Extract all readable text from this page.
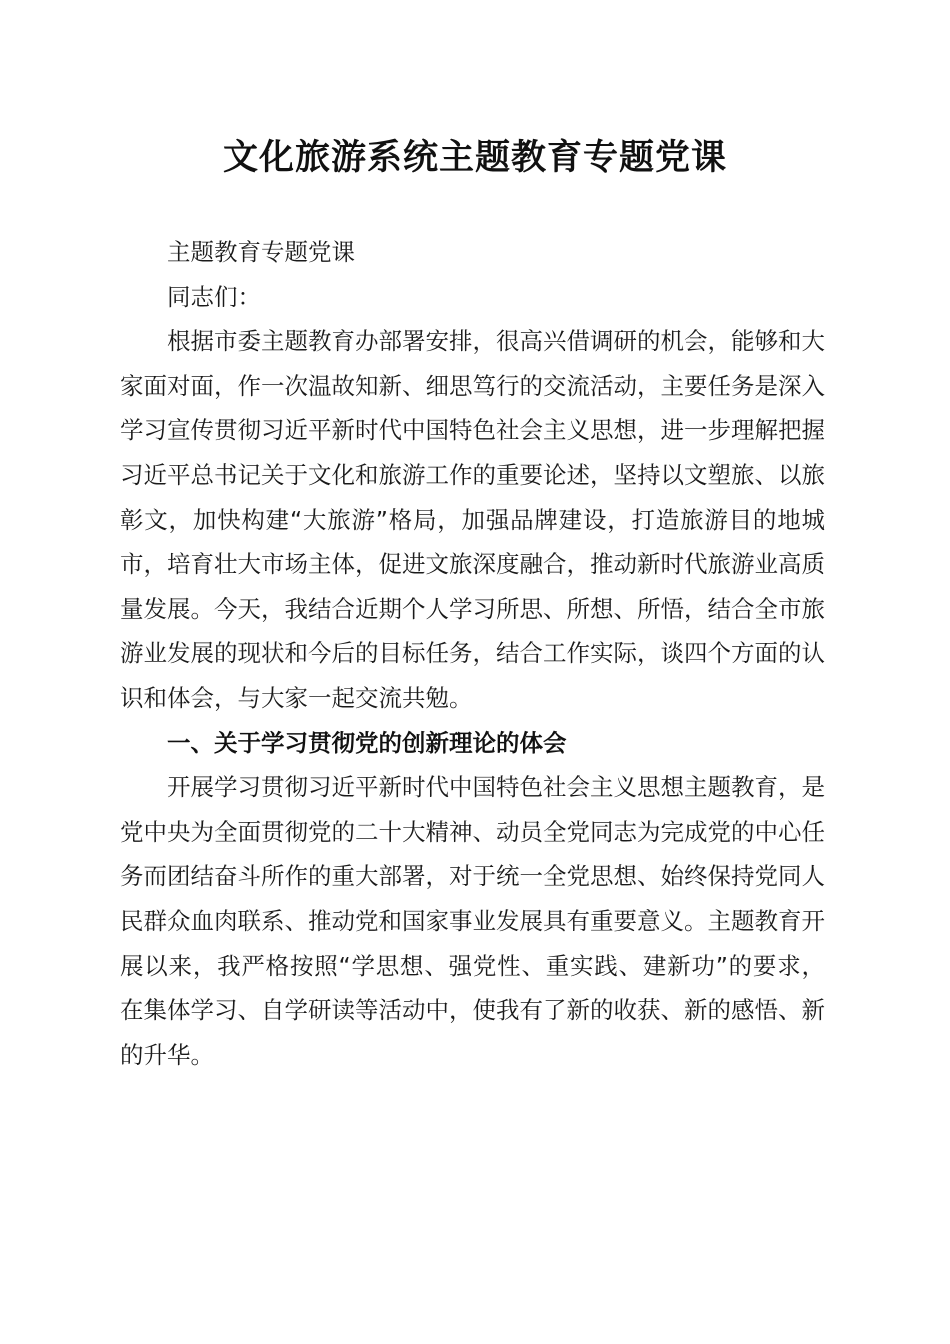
文化旅游系统主题教育专题党课

主题教育专题党课

同志们：

根据市委主题教育办部署安排，很高兴借调研的机会，能够和大家面对面，作一次温故知新、细思笃行的交流活动，主要任务是深入学习宣传贯彻习近平新时代中国特色社会主义思想，进一步理解把握习近平总书记关于文化和旅游工作的重要论述，坚持以文塑旅、以旅彰文，加快构建“大旅游”格局，加强品牌建设，打造旅游目的地城市，培育壮大市场主体，促进文旅深度融合，推动新时代旅游业高质量发展。今天，我结合近期个人学习所思、所想、所悟，结合全市旅游业发展的现状和今后的目标任务，结合工作实际，谈四个方面的认识和体会，与大家一起交流共勉。

一、关于学习贯彻党的创新理论的体会

开展学习贯彻习近平新时代中国特色社会主义思想主题教育，是党中央为全面贯彻党的二十大精神、动员全党同志为完成党的中心任务而团结奋斗所作的重大部署，对于统一全党思想、始终保持党同人民群众血肉联系、推动党和国家事业发展具有重要意义。主题教育开展以来，我严格按照“学思想、强党性、重实践、建新功”的要求，在集体学习、自学研读等活动中，使我有了新的收获、新的感悟、新的升华。
